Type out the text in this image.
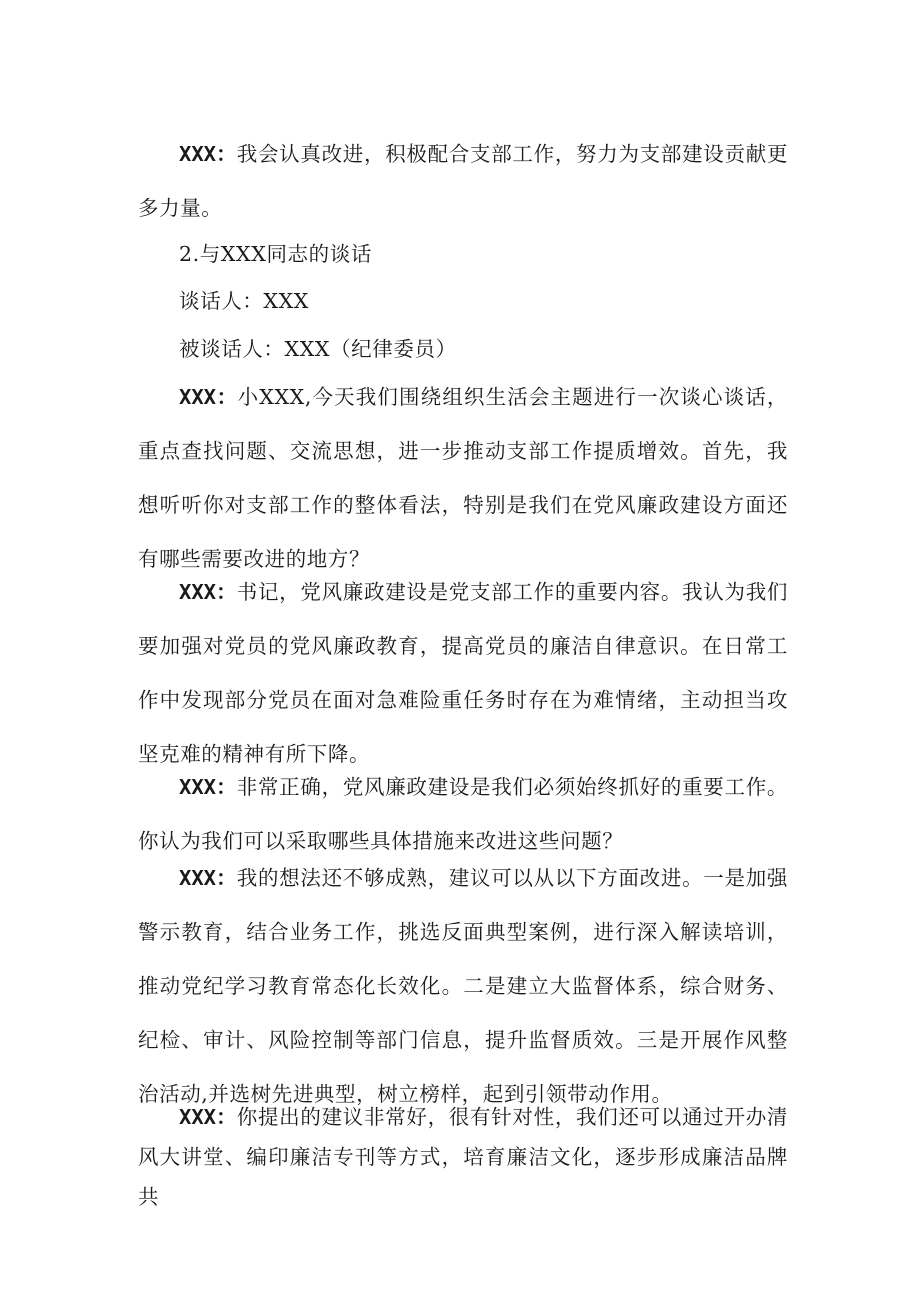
XXX：我会认真改进，积极配合支部工作，努力为支部建设贡献更多力量。
2.与XXX同志的谈话
谈话人：XXX
被谈话人：XXX（纪律委员）
XXX：小XXX,今天我们围绕组织生活会主题进行一次谈心谈话，重点查找问题、交流思想，进一步推动支部工作提质增效。首先，我想听听你对支部工作的整体看法，特别是我们在党风廉政建设方面还有哪些需要改进的地方？
XXX：书记，党风廉政建设是党支部工作的重要内容。我认为我们要加强对党员的党风廉政教育，提高党员的廉洁自律意识。在日常工作中发现部分党员在面对急难险重任务时存在为难情绪，主动担当攻坚克难的精神有所下降。
XXX：非常正确，党风廉政建设是我们必须始终抓好的重要工作。你认为我们可以采取哪些具体措施来改进这些问题？
XXX：我的想法还不够成熟，建议可以从以下方面改进。一是加强警示教育，结合业务工作，挑选反面典型案例，进行深入解读培训，推动党纪学习教育常态化长效化。二是建立大监督体系，综合财务、纪检、审计、风险控制等部门信息，提升监督质效。三是开展作风整治活动,并选树先进典型，树立榜样，起到引领带动作用。
XXX：你提出的建议非常好，很有针对性，我们还可以通过开办清风大讲堂、编印廉洁专刊等方式，培育廉洁文化，逐步形成廉洁品牌共
